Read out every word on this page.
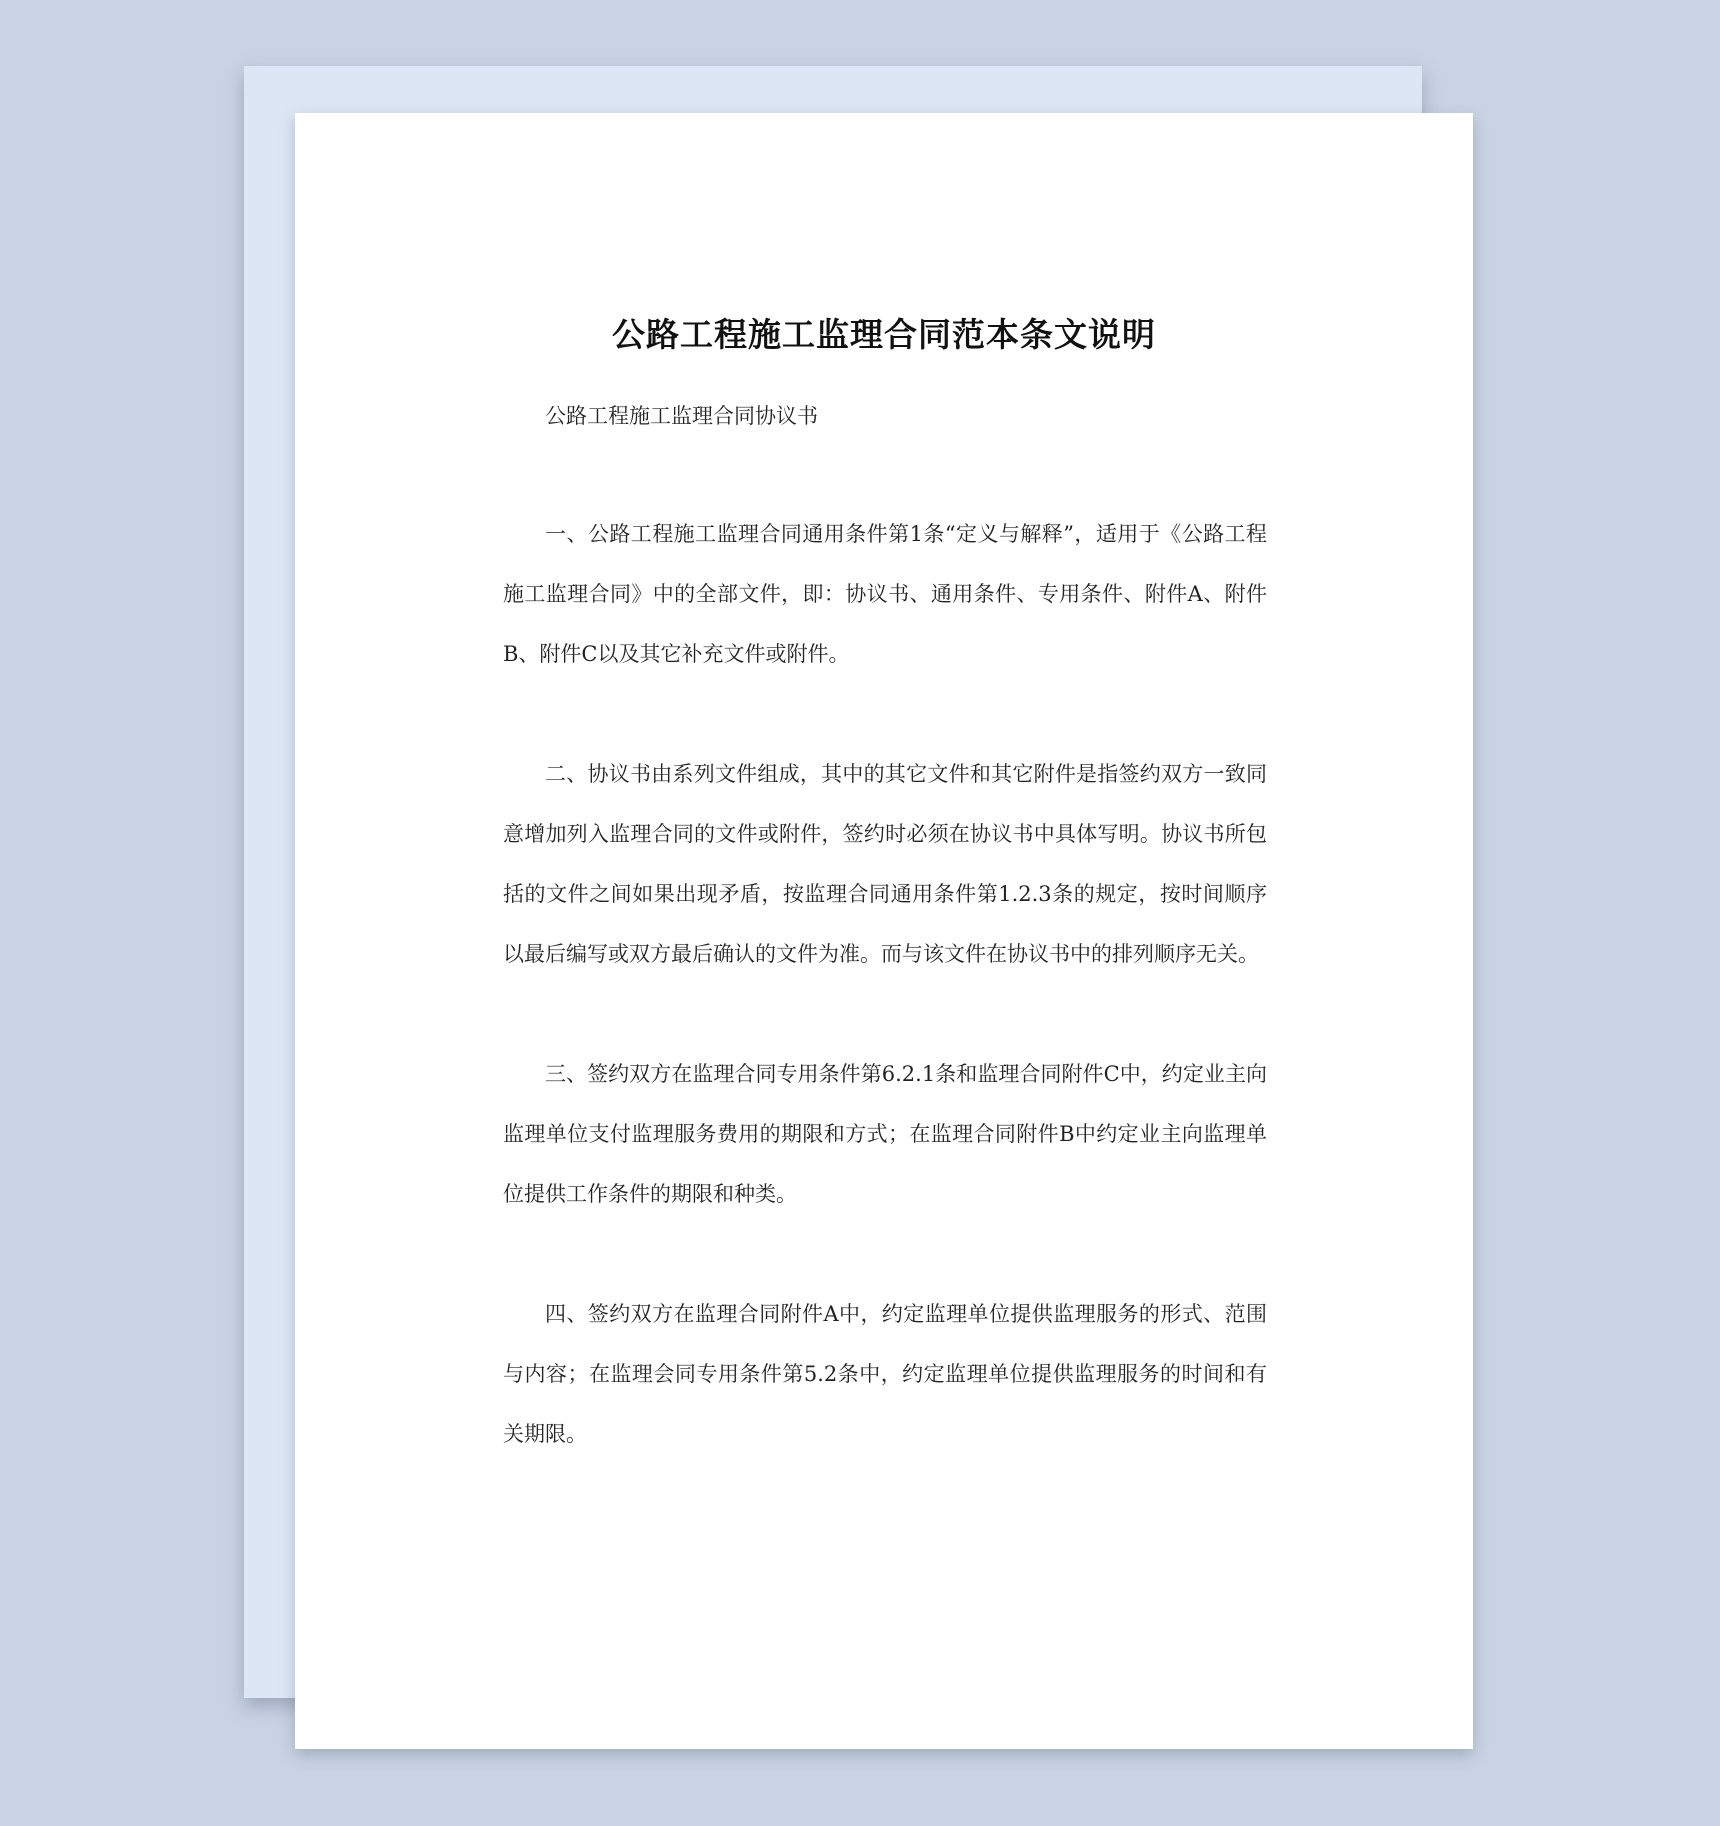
公路工程施工监理合同范本条文说明

公路工程施工监理合同协议书

一、公路工程施工监理合同通用条件第1条“定义与解释”，适用于《公路工程施工监理合同》中的全部文件，即：协议书、通用条件、专用条件、附件A、附件B、附件C以及其它补充文件或附件。

二、协议书由系列文件组成，其中的其它文件和其它附件是指签约双方一致同意增加列入监理合同的文件或附件，签约时必须在协议书中具体写明。协议书所包括的文件之间如果出现矛盾，按监理合同通用条件第1.2.3条的规定，按时间顺序以最后编写或双方最后确认的文件为准。而与该文件在协议书中的排列顺序无关。

三、签约双方在监理合同专用条件第6.2.1条和监理合同附件C中，约定业主向监理单位支付监理服务费用的期限和方式；在监理合同附件B中约定业主向监理单位提供工作条件的期限和种类。

四、签约双方在监理合同附件A中，约定监理单位提供监理服务的形式、范围与内容；在监理会同专用条件第5.2条中，约定监理单位提供监理服务的时间和有关期限。
